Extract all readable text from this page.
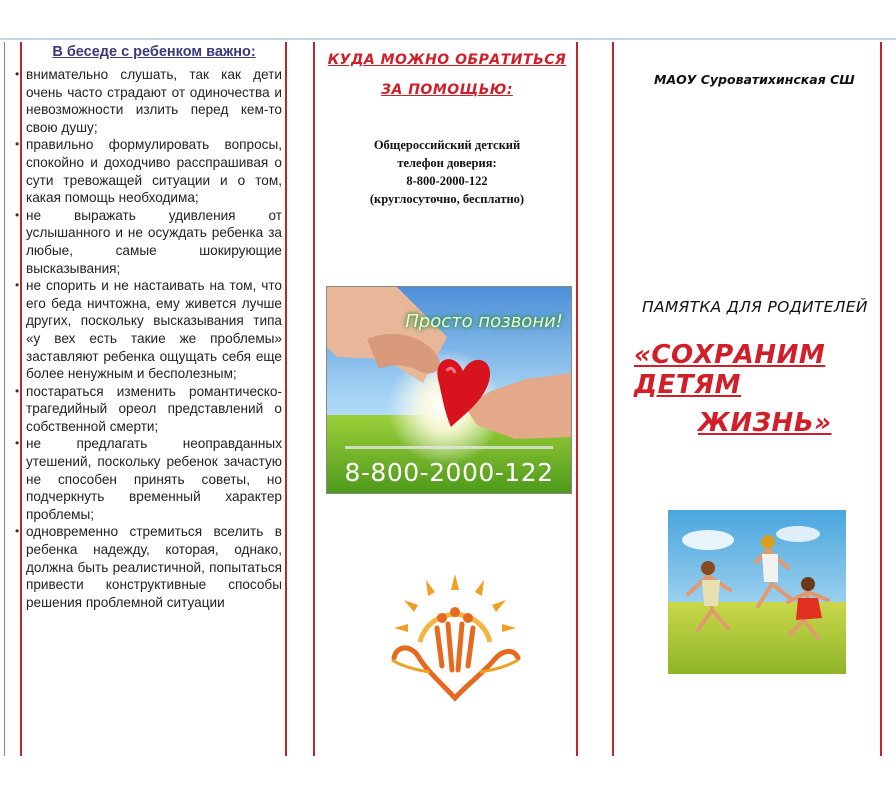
В беседе с ребенком важно:
• внимательно слушать, так как дети очень часто страдают от одиночества и невозможности излить перед кем-то свою душу;
• правильно формулировать вопросы, спокойно и доходчиво расспрашивая о сути тревожащей ситуации и о том, какая помощь необходима;
• не выражать удивления от услышанного и не осуждать ребенка за любые, самые шокирующие высказывания;
• не спорить и не настаивать на том, что его беда ничтожна, ему живется лучше других, поскольку высказывания типа «у вех есть такие же проблемы» заставляют ребенка ощущать себя еще более ненужным и бесполезным;
• постараться изменить романтическо-трагедийный ореол представлений о собственной смерти;
• не предлагать неоправданных утешений, поскольку ребенок зачастую не способен принять советы, но подчеркнуть временный характер проблемы;
• одновременно стремиться вселить в ребенка надежду, которая, однако, должна быть реалистичной, попытаться привести конструктивные способы решения проблемной ситуации
КУДА МОЖНО ОБРАТИТЬСЯ
ЗА ПОМОЩЬЮ:
Общероссийский детский
телефон доверия:
8-800-2000-122
(круглосуточно, бесплатно)
Просто позвони!
8-800-2000-122
МАОУ Суроватихинская СШ
ПАМЯТКА ДЛЯ РОДИТЕЛЕЙ
«СОХРАНИМ ДЕТЯМ
ЖИЗНЬ»
